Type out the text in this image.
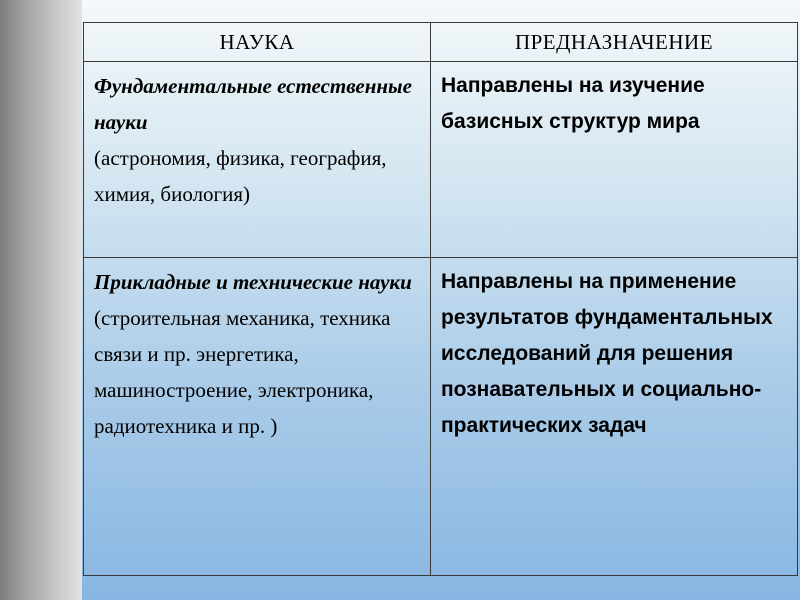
НАУКА	ПРЕДНАЗНАЧЕНИЕ

Фундаментальные естественные науки
(астрономия, физика, география, химия, биология)	Направлены на изучение базисных структур мира

Прикладные и технические науки
(строительная механика, техника связи и пр. энергетика, машиностроение, электроника, радиотехника и пр. )	Направлены на применение результатов фундаментальных исследований для решения познавательных и социально-практических задач
